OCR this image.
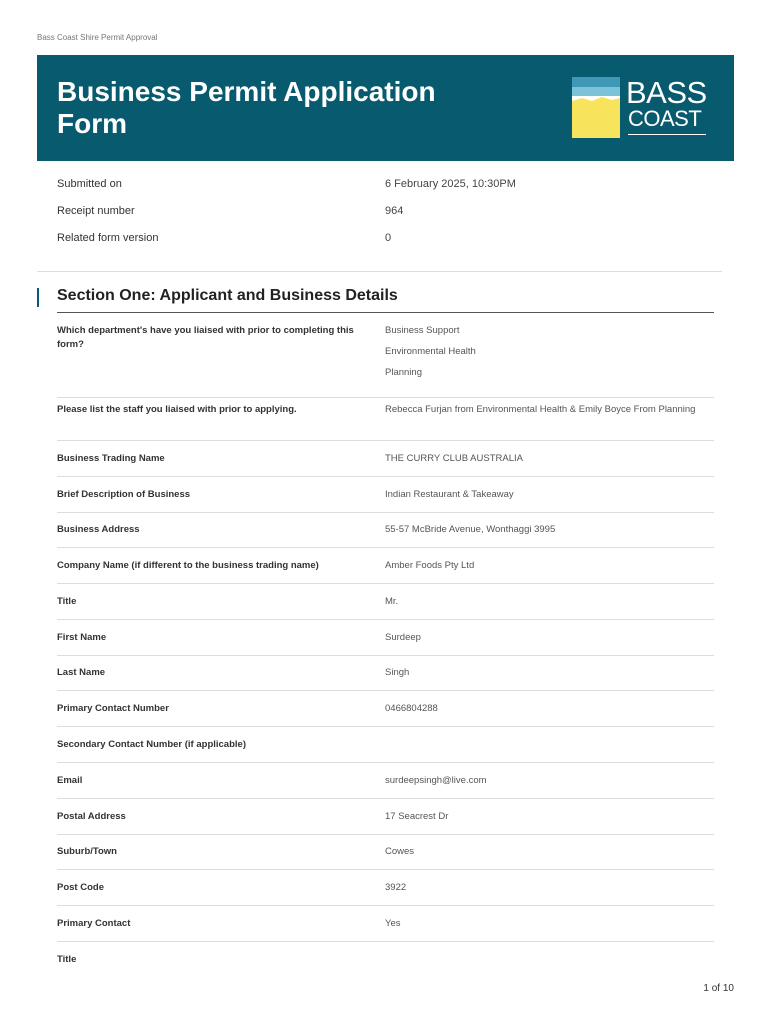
Bass Coast Shire Permit Approval
Business Permit Application Form
BASS
COAST
Submitted on	6 February 2025, 10:30PM
Receipt number	964
Related form version	0
Section One: Applicant and Business Details
Which department's have you liaised with prior to completing this form?
Business Support
Environmental Health
Planning
Please list the staff you liaised with prior to applying.	Rebecca Furjan from Environmental Health & Emily Boyce From Planning
Business Trading Name	THE CURRY CLUB AUSTRALIA
Brief Description of Business	Indian Restaurant & Takeaway
Business Address	55-57 McBride Avenue, Wonthaggi 3995
Company Name (if different to the business trading name)	Amber Foods Pty Ltd
Title	Mr.
First Name	Surdeep
Last Name	Singh
Primary Contact Number	0466804288
Secondary Contact Number (if applicable)
Email	surdeepsingh@live.com
Postal Address	17 Seacrest Dr
Suburb/Town	Cowes
Post Code	3922
Primary Contact	Yes
Title
1 of 10
